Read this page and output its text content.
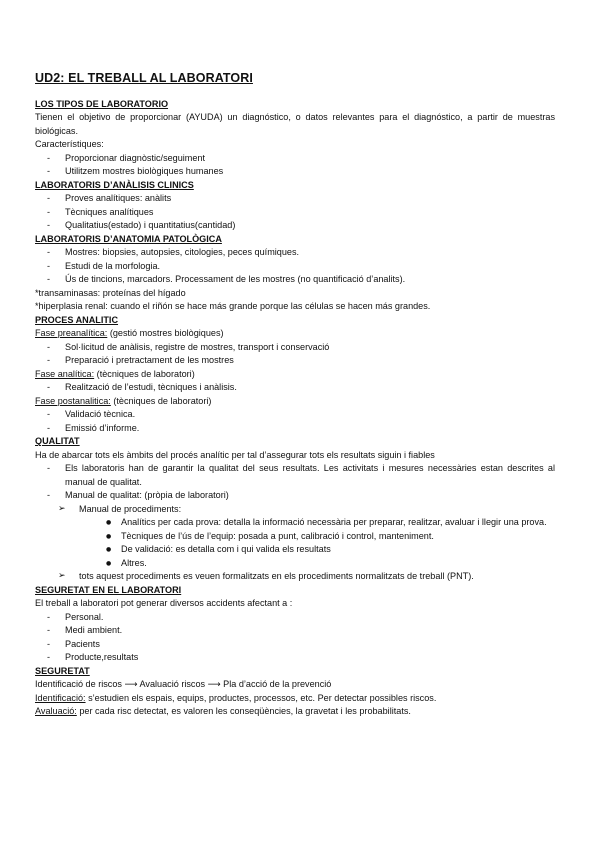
UD2: EL TREBALL AL LABORATORI
LOS TIPOS DE LABORATORIO
Tienen el objetivo de proporcionar (AYUDA) un diagnóstico, o datos relevantes para el diagnóstico, a partir de muestras biológicas.
Característiques:
- Proporcionar diagnòstic/seguiment
- Utilitzem mostres biològiques humanes
LABORATORIS D’ANÀLISIS CLINICS
- Proves analítiques: anàlits
- Tècniques analítiques
- Qualitatius(estado) i quantitatius(cantidad)
LABORATORIS D’ANATOMIA PATOLÒGICA
- Mostres: biopsies, autopsies, citologies, peces químiques.
- Estudi de la morfologia.
- Ús de tincions, marcadors. Processament de les mostres (no quantificació d’analits).
*transaminasas: proteínas del hígado
*hiperplasia renal: cuando el riñón se hace más grande porque las células se hacen más grandes.
PROCES ANALITIC
Fase preanalítica: (gestió mostres biològiques)
- Sol·licitud de anàlisis, registre de mostres, transport i conservació
- Preparació i pretractament de les mostres
Fase analítica: (tècniques de laboratori)
- Realització de l’estudi, tècniques i anàlisis.
Fase postanalitica: (tècniques de laboratori)
- Validació tècnica.
- Emissió d’informe.
QUALITAT
Ha de abarcar tots els àmbits del procés analític per tal d’assegurar tots els resultats siguin i fiables
- Els laboratoris han de garantir la qualitat del seus resultats. Les activitats i mesures necessàries estan descrites al manual de qualitat.
- Manual de qualitat: (pròpia de laboratori)
➢ Manual de procediments:
● Analítics per cada prova: detalla la informació necessària per preparar, realitzar, avaluar i llegir una prova.
● Tècniques de l’ús de l’equip: posada a punt, calibració i control, manteniment.
● De validació: es detalla com i qui valida els resultats
● Altres.
➢ tots aquest procediments es veuen formalitzats en els procediments normalitzats de treball (PNT).
SEGURETAT EN EL LABORATORI
El treball a laboratori pot generar diversos accidents afectant a :
- Personal.
- Medi ambient.
- Pacients
- Producte,resultats
SEGURETAT
Identificació de riscos ⟶ Avaluació riscos ⟶ Pla d’acció de la prevenció
Identificació: s’estudien els espais, equips, productes, processos, etc. Per detectar possibles riscos.
Avaluació: per cada risc detectat, es valoren les conseqüències, la gravetat i les probabilitats.
